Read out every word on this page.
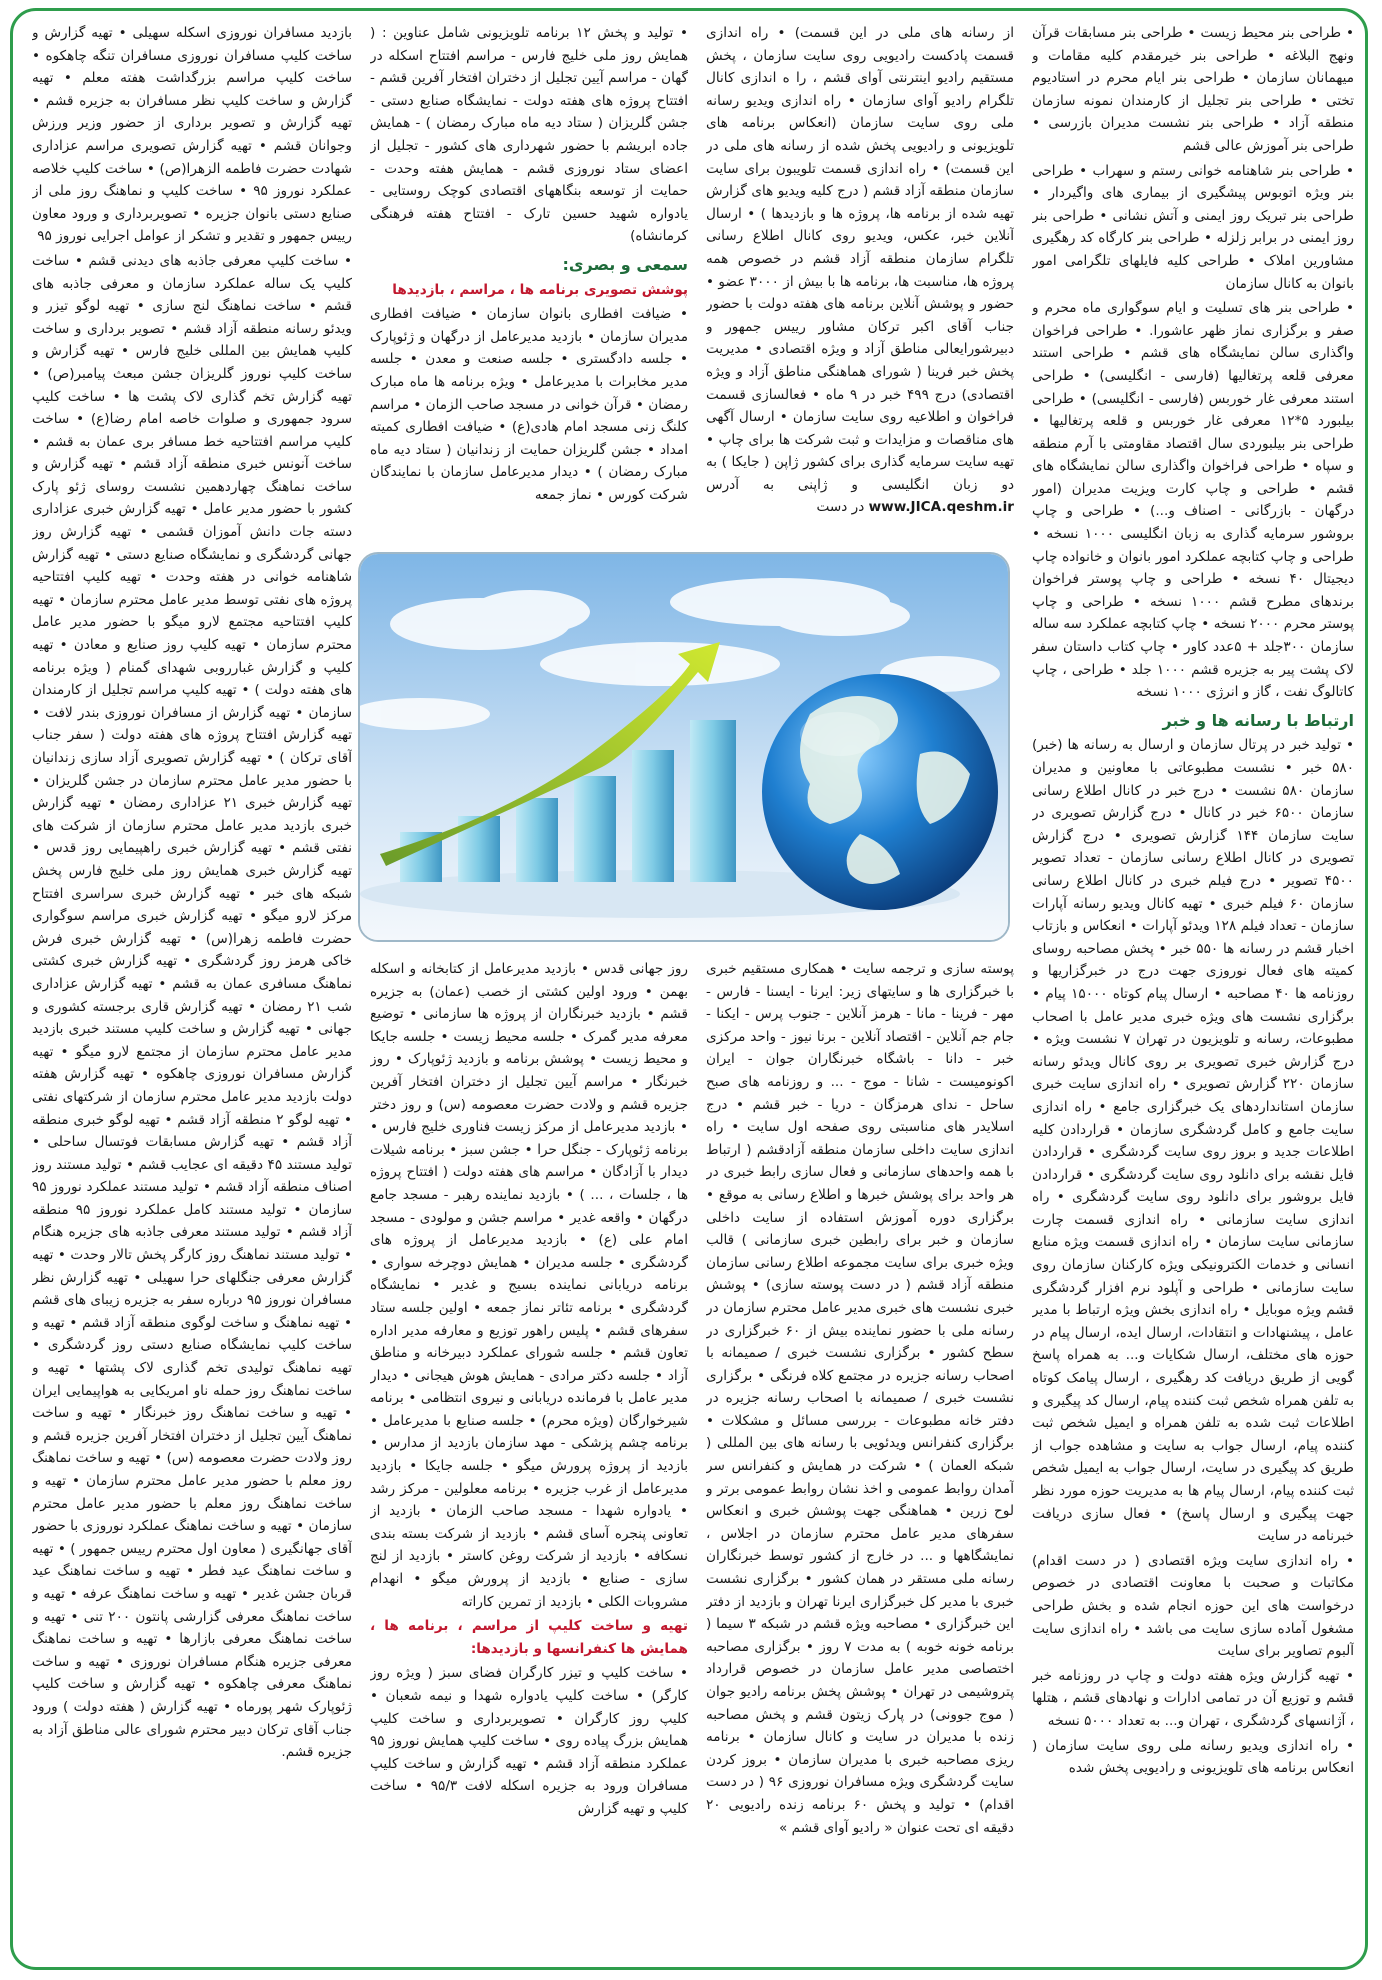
• طراحی بنر محیط زیست • طراحی بنر مسابقات قرآن ونهج البلاغه • طراحی بنر خیرمقدم کلیه مقامات و میهمانان سازمان • طراحی بنر ایام محرم در استادیوم تختی • طراحی بنر تجلیل از کارمندان نمونه سازمان منطقه آزاد • طراحی بنر نشست مدیران بازرسی • طراحی بنر آموزش عالی قشم

• طراحی بنر شاهنامه خوانی رستم و سهراب • طراحی بنر ویژه اتوبوس پیشگیری از بیماری های واگیردار • طراحی بنر تبریک روز ایمنی و آتش نشانی • طراحی بنر روز ایمنی در برابر زلزله • طراحی بنر کارگاه کد رهگیری مشاورین املاک • طراحی کلیه فایلهای تلگرامی امور بانوان به کانال سازمان

• طراحی بنر های تسلیت و ایام سوگواری ماه محرم و صفر و برگزاری نماز ظهر عاشورا. • طراحی فراخوان واگذاری سالن نمایشگاه های قشم • طراحی استند معرفی قلعه پرتغالیها (فارسی - انگلیسی) • طراحی استند معرفی غار خوربس (فارسی - انگلیسی) • طراحی بیلبورد ۵*۱۲ معرفی غار خوربس و قلعه پرتغالیها • طراحی بنر بیلبوردی سال اقتصاد مقاومتی با آرم منطقه و سپاه • طراحی فراخوان واگذاری سالن نمایشگاه های قشم • طراحی و چاپ کارت ویزیت مدیران (امور درگهان - بازرگانی - اصناف و...) • طراحی و چاپ بروشور سرمایه گذاری به زبان انگلیسی ۱۰۰۰ نسخه • طراحی و چاپ کتابچه عملکرد امور بانوان و خانواده چاپ دیجیتال ۴۰ نسخه • طراحی و چاپ پوستر فراخوان برندهای مطرح قشم ۱۰۰۰ نسخه • طراحی و چاپ پوستر محرم ۲۰۰۰ نسخه • چاپ کتابچه عملکرد سه ساله سازمان ۳۰۰جلد + ۵عدد کاور • چاپ کتاب داستان سفر لاک پشت پیر به جزیره قشم ۱۰۰۰ جلد • طراحی ، چاپ کاتالوگ نفت ، گاز و انرژی ۱۰۰۰ نسخه

ارتباط با رسانه ها و خبر

• تولید خبر در پرتال سازمان و ارسال به رسانه ها (خبر) ۵۸۰ خبر • نشست مطبوعاتی با معاونین و مدیران سازمان ۵۸۰ نشست • درج خبر در کانال اطلاع رسانی سازمان ۶۵۰۰ خبر در کانال • درج گزارش تصویری در سایت سازمان ۱۴۴ گزارش تصویری • درج گزارش تصویری در کانال اطلاع رسانی سازمان - تعداد تصویر ۴۵۰۰ تصویر • درج فیلم خبری در کانال اطلاع رسانی سازمان ۶۰ فیلم خبری • تهیه کانال ویدیو رسانه آپارات سازمان - تعداد فیلم ۱۲۸ ویدئو آپارات • انعکاس و بازتاب اخبار قشم در رسانه ها ۵۵۰ خبر • پخش مصاحبه روسای کمیته های فعال نوروزی جهت درج در خبرگزاریها و روزنامه ها ۴۰ مصاحبه • ارسال پیام کوتاه ۱۵۰۰۰ پیام • برگزاری نشست های ویژه خبری مدیر عامل با اصحاب مطبوعات، رسانه و تلویزیون در تهران ۷ نشست ویژه • درج گزارش خبری تصویری بر روی کانال ویدئو رسانه سازمان ۲۲۰ گزارش تصویری • راه اندازی سایت خبری سازمان استانداردهای یک خبرگزاری جامع • راه اندازی سایت جامع و کامل گردشگری سازمان • قراردادن کلیه اطلاعات جدید و بروز روی سایت گردشگری • قراردادن فایل نقشه برای دانلود روی سایت گردشگری • قراردادن فایل بروشور برای دانلود روی سایت گردشگری • راه اندازی سایت سازمانی • راه اندازی قسمت چارت سازمانی سایت سازمان • راه اندازی قسمت ویژه منابع انسانی و خدمات الکترونیکی ویژه کارکنان سازمان روی سایت سازمانی • طراحی و آپلود نرم افزار گردشگری قشم ویژه موبایل • راه اندازی بخش ویژه ارتباط با مدیر عامل ، پیشنهادات و انتقادات، ارسال ایده، ارسال پیام در حوزه های مختلف، ارسال شکایات و... به همراه پاسخ گویی از طریق دریافت کد رهگیری ، ارسال پیامک کوتاه به تلفن همراه شخص ثبت کننده پیام، ارسال کد پیگیری و اطلاعات ثبت شده به تلفن همراه و ایمیل شخص ثبت کننده پیام، ارسال جواب به سایت و مشاهده جواب از طریق کد پیگیری در سایت، ارسال جواب به ایمیل شخص ثبت کننده پیام، ارسال پیام ها به مدیریت حوزه مورد نظر جهت پیگیری و ارسال پاسخ) • فعال سازی دریافت خبرنامه در سایت

• راه اندازی سایت ویژه اقتصادی ( در دست اقدام) مکاتبات و صحبت با معاونت اقتصادی در خصوص درخواست های این حوزه انجام شده و بخش طراحی مشغول آماده سازی سایت می باشد • راه اندازی سایت آلبوم تصاویر برای سایت

• تهیه گزارش ویژه هفته دولت و چاپ در روزنامه خبر قشم و توزیع آن در تمامی ادارات و نهادهای قشم ، هتلها ، آژانسهای گردشگری ، تهران و... به تعداد ۵۰۰۰ نسخه

• راه اندازی ویدیو رسانه ملی روی سایت سازمان ( انعکاس برنامه های تلویزیونی و رادیویی پخش شده

از رسانه های ملی در این قسمت) • راه اندازی قسمت پادکست رادیویی روی سایت سازمان ، پخش مستقیم رادیو اینترنتی آوای قشم ، را ه اندازی کانال تلگرام رادیو آوای سازمان • راه اندازی ویدیو رسانه ملی روی سایت سازمان (انعکاس برنامه های تلویزیونی و رادیویی پخش شده از رسانه های ملی در این قسمت) • راه اندازی قسمت تلویبون برای سایت سازمان منطقه آزاد قشم ( درج کلیه ویدیو های گزارش تهیه شده از برنامه ها، پروژه ها و بازدیدها ) • ارسال آنلاین خبر، عکس، ویدیو روی کانال اطلاع رسانی تلگرام سازمان منطقه آزاد قشم در خصوص همه پروژه ها، مناسبت ها، برنامه ها با بیش از ۳۰۰۰ عضو • حضور و پوشش آنلاین برنامه های هفته دولت با حضور جناب آقای اکبر ترکان مشاور رییس جمهور و دبیرشورایعالی مناطق آزاد و ویژه اقتصادی • مدیریت پخش خبر فرینا ( شورای هماهنگی مناطق آزاد و ویژه اقتصادی) درج ۴۹۹ خبر در ۹ ماه • فعالسازی قسمت فراخوان و اطلاعیه روی سایت سازمان • ارسال آگهی های مناقصات و مزایدات و ثبت شرکت ها برای چاپ • تهیه سایت سرمایه گذاری برای کشور ژاپن ( جایکا ) به دو زبان انگلیسی و ژاپنی به آدرس www.JICA.qeshm.ir در دست

پوسته سازی و ترجمه سایت • همکاری مستقیم خبری با خبرگزاری ها و سایتهای زیر: ایرنا - ایسنا - فارس - مهر - فرینا - مانا - هرمز آنلاین - جنوب پرس - ایکنا - جام جم آنلاین - اقتصاد آنلاین - برنا نیوز - واحد مرکزی خبر - دانا - باشگاه خبرنگاران جوان - ایران اکونومیست - شانا - موج - ... و روزنامه های صبح ساحل - ندای هرمزگان - دریا - خبر قشم • درج اسلایدر های مناسبتی روی صفحه اول سایت • راه اندازی سایت داخلی سازمان منطقه آزادقشم ( ارتباط با همه واحدهای سازمانی و فعال سازی رابط خبری در هر واحد برای پوشش خبرها و اطلاع رسانی به موقع • برگزاری دوره آموزش استفاده از سایت داخلی سازمان و خبر برای رابطین خبری سازمانی ) قالب ویژه خبری برای سایت مجموعه اطلاع رسانی سازمان منطقه آزاد قشم ( در دست پوسته سازی) • پوشش خبری نشست های خبری مدیر عامل محترم سازمان در رسانه ملی با حضور نماینده بیش از ۶۰ خبرگزاری در سطح کشور • برگزاری نشست خبری / صمیمانه با اصحاب رسانه جزیره در مجتمع کلاه فرنگی • برگزاری نشست خبری / صمیمانه با اصحاب رسانه جزیره در دفتر خانه مطبوعات - بررسی مسائل و مشکلات • برگزاری کنفرانس ویدئویی با رسانه های بین المللی ( شبکه العمان ) • شرکت در همایش و کنفرانس سر آمدان روابط عمومی و اخذ نشان روابط عمومی برتر و لوح زرین • هماهنگی جهت پوشش خبری و انعکاس سفرهای مدیر عامل محترم سازمان در اجلاس ، نمایشگاهها و ... در خارج از کشور توسط خبرنگاران رسانه ملی مستقر در همان کشور • برگزاری نشست خبری با مدیر کل خبرگزاری ایرنا تهران و بازدید از دفتر این خبرگزاری • مصاحبه ویژه قشم در شبکه ۳ سیما ( برنامه خونه خوبه ) به مدت ۷ روز • برگزاری مصاحبه اختصاصی مدیر عامل سازمان در خصوص قرارداد پتروشیمی در تهران • پوشش پخش برنامه رادیو جوان ( موج جوونی) در پارک زیتون قشم و پخش مصاحبه زنده با مدیران در سایت و کانال سازمان • برنامه ریزی مصاحبه خبری با مدیران سازمان • بروز کردن سایت گردشگری ویژه مسافران نوروزی ۹۶ ( در دست اقدام) • تولید و پخش ۶۰ برنامه زنده رادیویی ۲۰ دقیقه ای تحت عنوان « رادیو آوای قشم »

• تولید و پخش ۱۲ برنامه تلویزیونی شامل عناوین : ( همایش روز ملی خلیج فارس - مراسم افتتاح اسکله در گهان - مراسم آیین تجلیل از دختران افتخار آفرین قشم - افتتاح پروژه های هفته دولت - نمایشگاه صنایع دستی - جشن گلریزان ( ستاد دیه ماه مبارک رمضان ) - همایش جاده ابریشم با حضور شهرداری های کشور - تجلیل از اعضای ستاد نوروزی قشم - همایش هفته وحدت - حمایت از توسعه بنگاههای اقتصادی کوچک روستایی - یادواره شهید حسین تارک - افتتاح هفته فرهنگی کرمانشاه)

سمعی و بصری:
پوشش تصویری برنامه ها ، مراسم ، بازدیدها

• ضیافت افطاری بانوان سازمان • ضیافت افطاری مدیران سازمان • بازدید مدیرعامل از درگهان و ژئوپارک • جلسه دادگستری • جلسه صنعت و معدن • جلسه مدیر مخابرات با مدیرعامل • ویژه برنامه ها ماه مبارک رمضان • قرآن خوانی در مسجد صاحب الزمان • مراسم کلنگ زنی مسجد امام هادی(ع) • ضیافت افطاری کمیته امداد • جشن گلریزان حمایت از زندانیان ( ستاد دیه ماه مبارک رمضان ) • دیدار مدیرعامل سازمان با نمایندگان شرکت کورس • نماز جمعه

روز جهانی قدس • بازدید مدیرعامل از کتابخانه و اسکله بهمن • ورود اولین کشتی از خصب (عمان) به جزیره قشم • بازدید خبرنگاران از پروژه ها سازمانی • توضیع معرفه مدیر گمرک • جلسه محیط زیست • جلسه جایکا و محیط زیست • پوشش برنامه و بازدید ژئوپارک • روز خبرنگار • مراسم آیین تجلیل از دختران افتخار آفرین جزیره قشم و ولادت حضرت معصومه (س) و روز دختر • بازدید مدیرعامل از مرکز زیست فناوری خلیج فارس • برنامه ژئوپارک - جنگل حرا • جشن سبز • برنامه شیلات دیدار با آزادگان • مراسم های هفته دولت ( افتتاح پروژه ها ، جلسات ، ... ) • بازدید نماینده رهبر - مسجد جامع درگهان • واقعه غدیر • مراسم جشن و مولودی - مسجد امام علی (ع) • بازدید مدیرعامل از پروژه های گردشگری • جلسه مدیران • همایش دوچرخه سواری • برنامه دریابانی نماینده بسیج و غدیر • نمایشگاه گردشگری • برنامه تئاتر نماز جمعه • اولین جلسه ستاد سفرهای قشم • پلیس راهور توزیع و معارفه مدیر اداره تعاون قشم • جلسه شورای عملکرد دبیرخانه و مناطق آزاد • جلسه دکتر مرادی - همایش هوش هیجانی • دیدار مدیر عامل با فرمانده دریابانی و نیروی انتظامی • برنامه شیرخوارگان (ویژه محرم) • جلسه صنایع با مدیرعامل • برنامه چشم پزشکی - مهد سازمان بازدید از مدارس • بازدید از پروژه پرورش میگو • جلسه جایکا • بازدید مدیرعامل از غرب جزیره • برنامه معلولین - مرکز رشد • یادواره شهدا - مسجد صاحب الزمان • بازدید از تعاونی پنجره آسای قشم • بازدید از شرکت بسته بندی نسکافه • بازدید از شرکت روغن کاستر • بازدید از لنج سازی - صنایع • بازدید از پرورش میگو • انهدام مشروبات الکلی • بازدید از تمرین کاراته

تهیه و ساخت کلیپ از مراسم ، برنامه ها ، همایش ها کنفرانسها و بازدیدها:

• ساخت کلیپ و تیزر کارگران فضای سبز ( ویژه روز کارگر) • ساخت کلیپ یادواره شهدا و نیمه شعبان • کلیپ روز کارگران • تصویربرداری و ساخت کلیپ همایش بزرگ پیاده روی • ساخت کلیپ همایش نوروز ۹۵ عملکرد منطقه آزاد قشم • تهیه گزارش و ساخت کلیپ مسافران ورود به جزیره اسکله لافت ۹۵/۳ • ساخت کلیپ و تهیه گزارش

بازدید مسافران نوروزی اسکله سهیلی • تهیه گزارش و ساخت کلیپ مسافران نوروزی مسافران تنگه چاهکوه • ساخت کلیپ مراسم بزرگداشت هفته معلم • تهیه گزارش و ساخت کلیپ نظر مسافران به جزیره قشم • تهیه گزارش و تصویر برداری از حضور وزیر ورزش وجوانان قشم • تهیه گزارش تصویری مراسم عزاداری شهادت حضرت فاطمه الزهرا(ص) • ساخت کلیپ خلاصه عملکرد نوروز ۹۵ • ساخت کلیپ و نماهنگ روز ملی از صنایع دستی بانوان جزیره • تصویربرداری و ورود معاون رییس جمهور و تقدیر و تشکر از عوامل اجرایی نوروز ۹۵

• ساخت کلیپ معرفی جاذبه های دیدنی قشم • ساخت کلیپ یک ساله عملکرد سازمان و معرفی جاذبه های قشم • ساخت نماهنگ لنج سازی • تهیه لوگو تیزر و ویدئو رسانه منطقه آزاد قشم • تصویر برداری و ساخت کلیپ همایش بین المللی خلیج فارس • تهیه گزارش و ساخت کلیپ نوروز گلریزان جشن مبعث پیامبر(ص) • تهیه گزارش تخم گذاری لاک پشت ها • ساخت کلیپ سرود جمهوری و صلوات خاصه امام رضا(ع) • ساخت کلیپ مراسم افتتاحیه خط مسافر بری عمان به قشم • ساخت آنونس خبری منطقه آزاد قشم • تهیه گزارش و ساخت نماهنگ چهاردهمین نشست روسای ژئو پارک کشور با حضور مدیر عامل • تهیه گزارش خبری عزاداری دسته جات دانش آموزان قشمی • تهیه گزارش روز جهانی گردشگری و نمایشگاه صنایع دستی • تهیه گزارش شاهنامه خوانی در هفته وحدت • تهیه کلیپ افتتاحیه پروژه های نفتی توسط مدیر عامل محترم سازمان • تهیه کلیپ افتتاحیه مجتمع لارو میگو با حضور مدیر عامل محترم سازمان • تهیه کلیپ روز صنایع و معادن • تهیه کلیپ و گزارش غبارروبی شهدای گمنام ( ویژه برنامه های هفته دولت ) • تهیه کلیپ مراسم تجلیل از کارمندان سازمان • تهیه گزارش از مسافران نوروزی بندر لافت • تهیه گزارش افتتاح پروژه های هفته دولت ( سفر جناب آقای ترکان ) • تهیه گزارش تصویری آزاد سازی زندانیان با حضور مدیر عامل محترم سازمان در جشن گلریزان • تهیه گزارش خبری ۲۱ عزاداری رمضان • تهیه گزارش خبری بازدید مدیر عامل محترم سازمان از شرکت های نفتی قشم • تهیه گزارش خبری راهپیمایی روز قدس • تهیه گزارش خبری همایش روز ملی خلیج فارس پخش شبکه های خبر • تهیه گزارش خبری سراسری افتتاح مرکز لارو میگو • تهیه گزارش خبری مراسم سوگواری حضرت فاطمه زهرا(س) • تهیه گزارش خبری فرش خاکی هرمز روز گردشگری • تهیه گزارش خبری کشتی نماهنگ مسافری عمان به قشم • تهیه گزارش عزاداری شب ۲۱ رمضان • تهیه گزارش قاری برجسته کشوری و جهانی • تهیه گزارش و ساخت کلیپ مستند خبری بازدید مدیر عامل محترم سازمان از مجتمع لارو میگو • تهیه گزارش مسافران نوروزی چاهکوه • تهیه گزارش هفته دولت بازدید مدیر عامل محترم سازمان از شرکتهای نفتی • تهیه لوگو ۲ منطقه آزاد قشم • تهیه لوگو خبری منطقه آزاد قشم • تهیه گزارش مسابقات فوتسال ساحلی • تولید مستند ۴۵ دقیقه ای عجایب قشم • تولید مستند روز اصناف منطقه آزاد قشم • تولید مستند عملکرد نوروز ۹۵ سازمان • تولید مستند کامل عملکرد نوروز ۹۵ منطقه آزاد قشم • تولید مستند معرفی جاذبه های جزیره هنگام • تولید مستند نماهنگ روز کارگر پخش تالار وحدت • تهیه گزارش معرفی جنگلهای حرا سهیلی • تهیه گزارش نظر مسافران نوروز ۹۵ درباره سفر به جزیره زیبای های قشم • تهیه نماهنگ و ساخت لوگوی منطقه آزاد قشم • تهیه و ساخت کلیپ نمایشگاه صنایع دستی روز گردشگری • تهیه نماهنگ تولیدی تخم گذاری لاک پشتها • تهیه و ساخت نماهنگ روز حمله ناو امریکایی به هواپیمایی ایران • تهیه و ساخت نماهنگ روز خبرنگار • تهیه و ساخت نماهنگ آیین تجلیل از دختران افتخار آفرین جزیره قشم و روز ولادت حضرت معصومه (س) • تهیه و ساخت نماهنگ روز معلم با حضور مدیر عامل محترم سازمان • تهیه و ساخت نماهنگ روز معلم با حضور مدیر عامل محترم سازمان • تهیه و ساخت نماهنگ عملکرد نوروزی با حضور آقای جهانگیری ( معاون اول محترم رییس جمهور ) • تهیه و ساخت نماهنگ عید فطر • تهیه و ساخت نماهنگ عید قربان جشن غدیر • تهیه و ساخت نماهنگ عرفه • تهیه و ساخت نماهنگ معرفی گزارشی پانتون ۲۰۰ تنی • تهیه و ساخت نماهنگ معرفی بازارها • تهیه و ساخت نماهنگ معرفی جزیره هنگام مسافران نوروزی • تهیه و ساخت نماهنگ معرفی چاهکوه • تهیه گزارش و ساخت کلیپ ژئوپارک شهر پورماه • تهیه گزارش ( هفته دولت ) ورود جناب آقای ترکان دبیر محترم شورای عالی مناطق آزاد به جزیره قشم.
